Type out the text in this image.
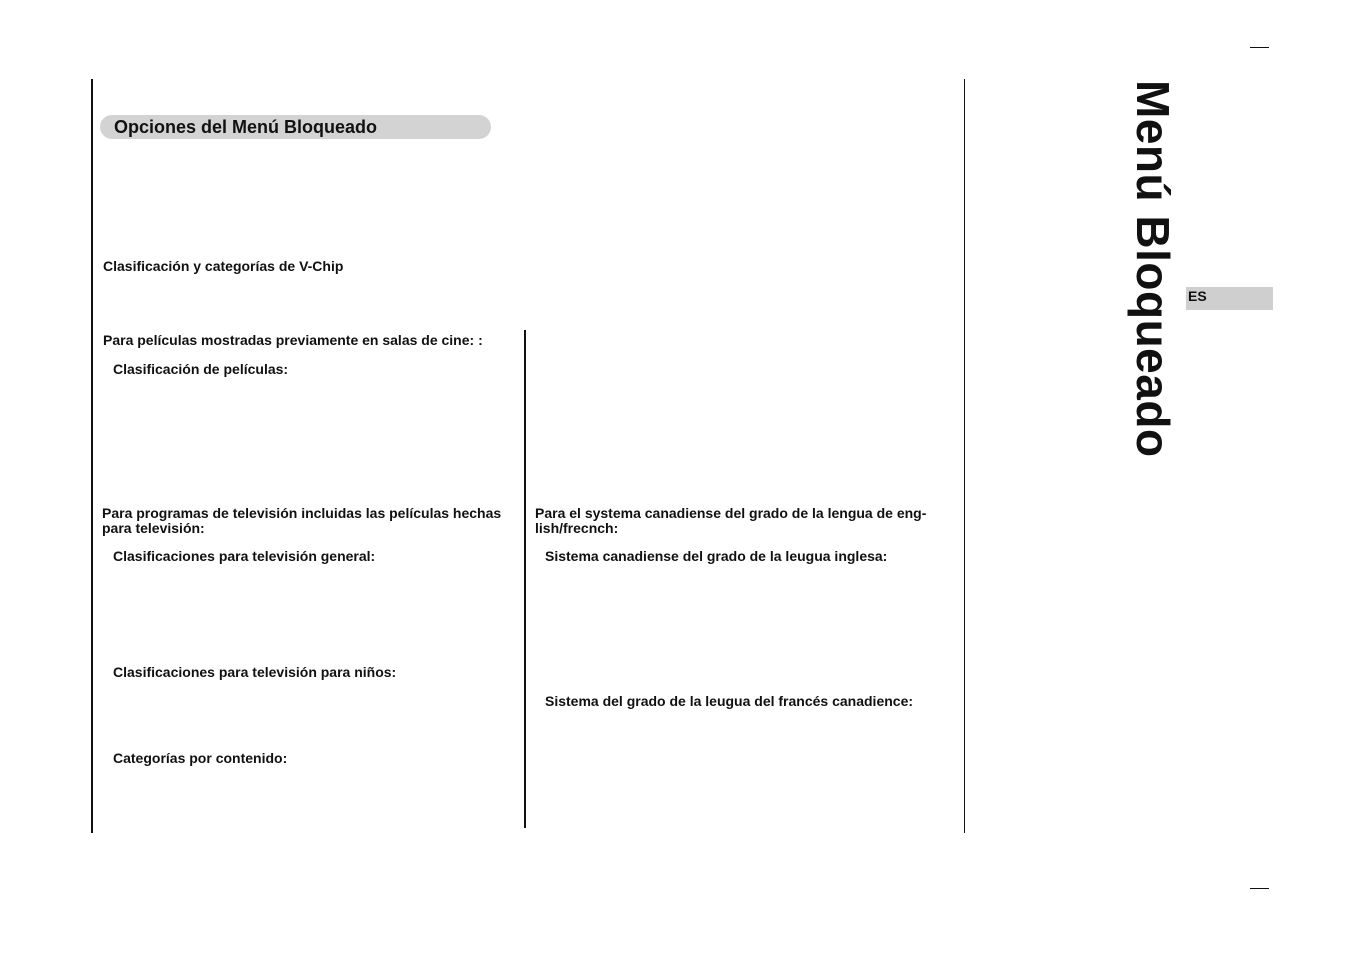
Opciones del Menú Bloqueado
Clasificación y categorías de V-Chip
Para películas mostradas previamente en salas de cine: :
Clasificación de películas:
Para programas de televisión incluidas las películas hechas para televisión:
Clasificaciones para televisión general:
Clasificaciones para televisión para niños:
Categorías por contenido:
Para el systema canadiense del grado de la lengua de eng-lish/frecnch:
Sistema canadiense del grado de la leugua inglesa:
Sistema del grado de la leugua del francés canadience:
Menú Bloqueado ES
